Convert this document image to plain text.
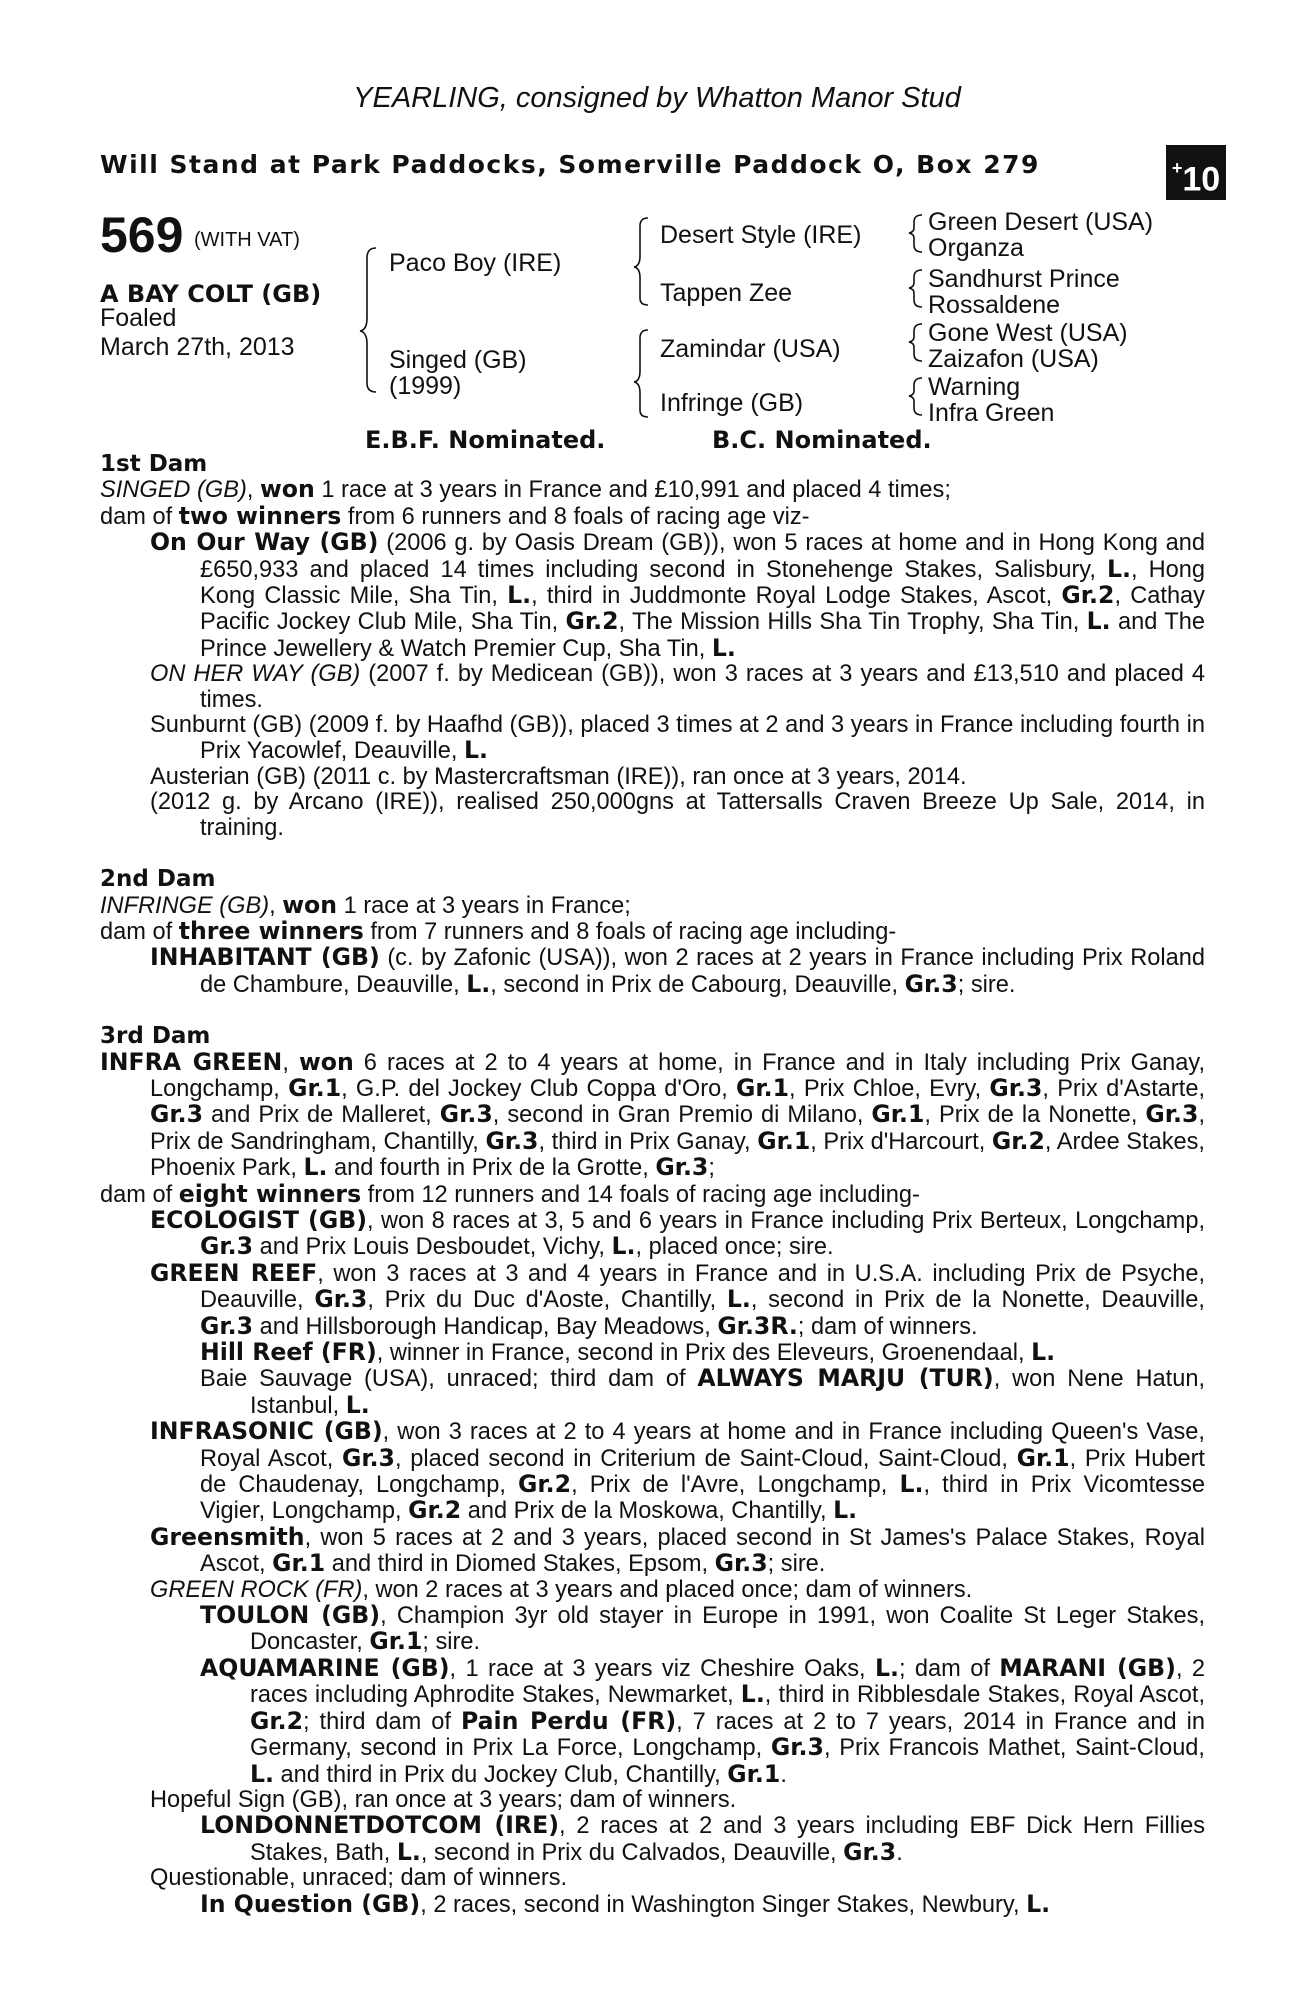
YEARLING, consigned by Whatton Manor Stud
Will Stand at Park Paddocks, Somerville Paddock O, Box 279	+10
569 (WITH VAT)
A BAY COLT (GB)
Foaled
March 27th, 2013
Paco Boy (IRE)
Singed (GB)
(1999)
Desert Style (IRE)
Tappen Zee
Zamindar (USA)
Infringe (GB)
Green Desert (USA)
Organza
Sandhurst Prince
Rossaldene
Gone West (USA)
Zaizafon (USA)
Warning
Infra Green
E.B.F. Nominated.	B.C. Nominated.
1st Dam
SINGED (GB), won 1 race at 3 years in France and £10,991 and placed 4 times;
dam of two winners from 6 runners and 8 foals of racing age viz-
On Our Way (GB) (2006 g. by Oasis Dream (GB)), won 5 races at home and in Hong Kong and £650,933 and placed 14 times including second in Stonehenge Stakes, Salisbury, L., Hong Kong Classic Mile, Sha Tin, L., third in Juddmonte Royal Lodge Stakes, Ascot, Gr.2, Cathay Pacific Jockey Club Mile, Sha Tin, Gr.2, The Mission Hills Sha Tin Trophy, Sha Tin, L. and The Prince Jewellery & Watch Premier Cup, Sha Tin, L.
ON HER WAY (GB) (2007 f. by Medicean (GB)), won 3 races at 3 years and £13,510 and placed 4 times.
Sunburnt (GB) (2009 f. by Haafhd (GB)), placed 3 times at 2 and 3 years in France including fourth in Prix Yacowlef, Deauville, L.
Austerian (GB) (2011 c. by Mastercraftsman (IRE)), ran once at 3 years, 2014.
(2012 g. by Arcano (IRE)), realised 250,000gns at Tattersalls Craven Breeze Up Sale, 2014, in training.
2nd Dam
INFRINGE (GB), won 1 race at 3 years in France;
dam of three winners from 7 runners and 8 foals of racing age including-
INHABITANT (GB) (c. by Zafonic (USA)), won 2 races at 2 years in France including Prix Roland de Chambure, Deauville, L., second in Prix de Cabourg, Deauville, Gr.3; sire.
3rd Dam
INFRA GREEN, won 6 races at 2 to 4 years at home, in France and in Italy including Prix Ganay, Longchamp, Gr.1, G.P. del Jockey Club Coppa d'Oro, Gr.1, Prix Chloe, Evry, Gr.3, Prix d'Astarte, Gr.3 and Prix de Malleret, Gr.3, second in Gran Premio di Milano, Gr.1, Prix de la Nonette, Gr.3, Prix de Sandringham, Chantilly, Gr.3, third in Prix Ganay, Gr.1, Prix d'Harcourt, Gr.2, Ardee Stakes, Phoenix Park, L. and fourth in Prix de la Grotte, Gr.3;
dam of eight winners from 12 runners and 14 foals of racing age including-
ECOLOGIST (GB), won 8 races at 3, 5 and 6 years in France including Prix Berteux, Longchamp, Gr.3 and Prix Louis Desboudet, Vichy, L., placed once; sire.
GREEN REEF, won 3 races at 3 and 4 years in France and in U.S.A. including Prix de Psyche, Deauville, Gr.3, Prix du Duc d'Aoste, Chantilly, L., second in Prix de la Nonette, Deauville, Gr.3 and Hillsborough Handicap, Bay Meadows, Gr.3R.; dam of winners.
Hill Reef (FR), winner in France, second in Prix des Eleveurs, Groenendaal, L.
Baie Sauvage (USA), unraced; third dam of ALWAYS MARJU (TUR), won Nene Hatun, Istanbul, L.
INFRASONIC (GB), won 3 races at 2 to 4 years at home and in France including Queen's Vase, Royal Ascot, Gr.3, placed second in Criterium de Saint-Cloud, Saint-Cloud, Gr.1, Prix Hubert de Chaudenay, Longchamp, Gr.2, Prix de l'Avre, Longchamp, L., third in Prix Vicomtesse Vigier, Longchamp, Gr.2 and Prix de la Moskowa, Chantilly, L.
Greensmith, won 5 races at 2 and 3 years, placed second in St James's Palace Stakes, Royal Ascot, Gr.1 and third in Diomed Stakes, Epsom, Gr.3; sire.
GREEN ROCK (FR), won 2 races at 3 years and placed once; dam of winners.
TOULON (GB), Champion 3yr old stayer in Europe in 1991, won Coalite St Leger Stakes, Doncaster, Gr.1; sire.
AQUAMARINE (GB), 1 race at 3 years viz Cheshire Oaks, L.; dam of MARANI (GB), 2 races including Aphrodite Stakes, Newmarket, L., third in Ribblesdale Stakes, Royal Ascot, Gr.2; third dam of Pain Perdu (FR), 7 races at 2 to 7 years, 2014 in France and in Germany, second in Prix La Force, Longchamp, Gr.3, Prix Francois Mathet, Saint-Cloud, L. and third in Prix du Jockey Club, Chantilly, Gr.1.
Hopeful Sign (GB), ran once at 3 years; dam of winners.
LONDONNETDOTCOM (IRE), 2 races at 2 and 3 years including EBF Dick Hern Fillies Stakes, Bath, L., second in Prix du Calvados, Deauville, Gr.3.
Questionable, unraced; dam of winners.
In Question (GB), 2 races, second in Washington Singer Stakes, Newbury, L.
